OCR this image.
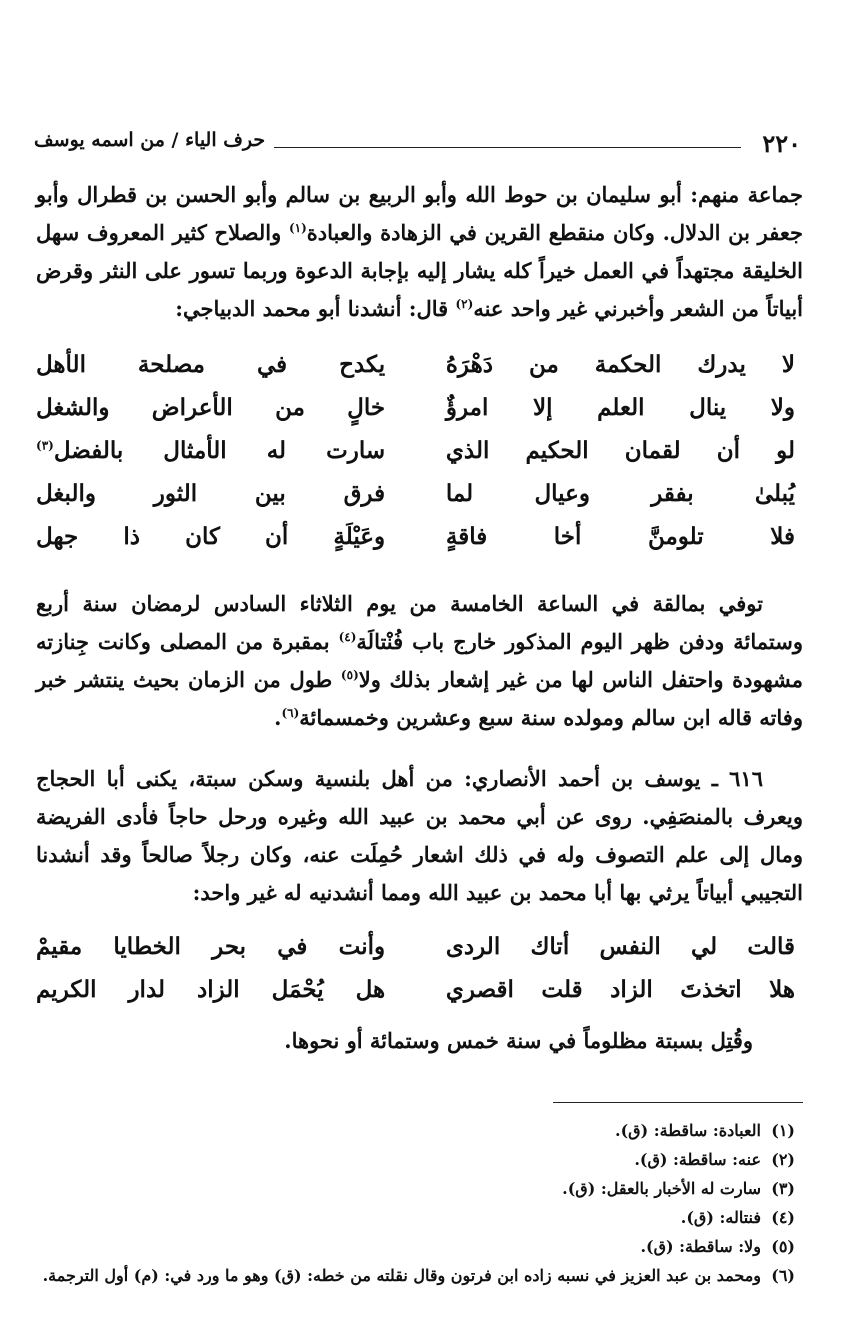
٢٢٠
حرف الياء / من اسمه يوسف

جماعة منهم: أبو سليمان بن حوط الله وأبو الربيع بن سالم وأبو الحسن بن قطرال وأبو جعفر بن الدلال. وكان منقطع القرين في الزهادة والعبادة$^{(١)}$ والصلاح كثير المعروف سهل الخليقة مجتهداً في العمل خيراً كله يشار إليه بإجابة الدعوة وربما تسور على النثر وقرض أبياتاً من الشعر وأخبرني غير واحد عنه$^{(٢)}$ قال: أنشدنا أبو محمد الدبياجي:

لا يدرك الحكمة من دَهْرَهُ
يكدح في مصلحة الأهل
ولا ينال العلم إلا امرؤٌ
خالٍ من الأعراض والشغل
لو أن لقمان الحكيم الذي
سارت له الأمثال بالفضل$^{(٣)}$
يُبلىٰ بفقر وعيال لما
فرق بين الثور والبغل
فلا تلومنَّ أخا فاقةٍ
وعَيْلَةٍ أن كان ذا جهل

توفي بمالقة في الساعة الخامسة من يوم الثلاثاء السادس لرمضان سنة أربع وستمائة ودفن ظهر اليوم المذكور خارج باب فُنْتالَة$^{(٤)}$ بمقبرة من المصلى وكانت جِنازته مشهودة واحتفل الناس لها من غير إشعار بذلك ولا$^{(٥)}$ طول من الزمان بحيث ينتشر خبر وفاته قاله ابن سالم ومولده سنة سبع وعشرين وخمسمائة$^{(٦)}$.

٦١٦ ـ يوسف بن أحمد الأنصاري: من أهل بلنسية وسكن سبتة، يكنى أبا الحجاج ويعرف بالمنصَفِي. روى عن أبي محمد بن عبيد الله وغيره ورحل حاجاً فأدى الفريضة ومال إلى علم التصوف وله في ذلك اشعار حُمِلَت عنه، وكان رجلاً صالحاً وقد أنشدنا التجيبي أبياتاً يرثي بها أبا محمد بن عبيد الله ومما أنشدنيه له غير واحد:

قالت لي النفس أتاك الردى
وأنت في بحر الخطايا مقيمْ
هلا اتخذتَ الزاد قلت اقصري
هل يُحْمَل الزاد لدار الكريم

وقُتِل بسبتة مظلوماً في سنة خمس وستمائة أو نحوها.

(١)
العبادة: ساقطة: (ق).
(٢)
عنه: ساقطة: (ق).
(٣)
سارت له الأخبار بالعقل: (ق).
(٤)
فنتاله: (ق).
(٥)
ولا: ساقطة: (ق).
(٦)
ومحمد بن عبد العزيز في نسبه زاده ابن فرتون وقال نقلته من خطه: (ق) وهو ما ورد في: (م) أول الترجمة.
